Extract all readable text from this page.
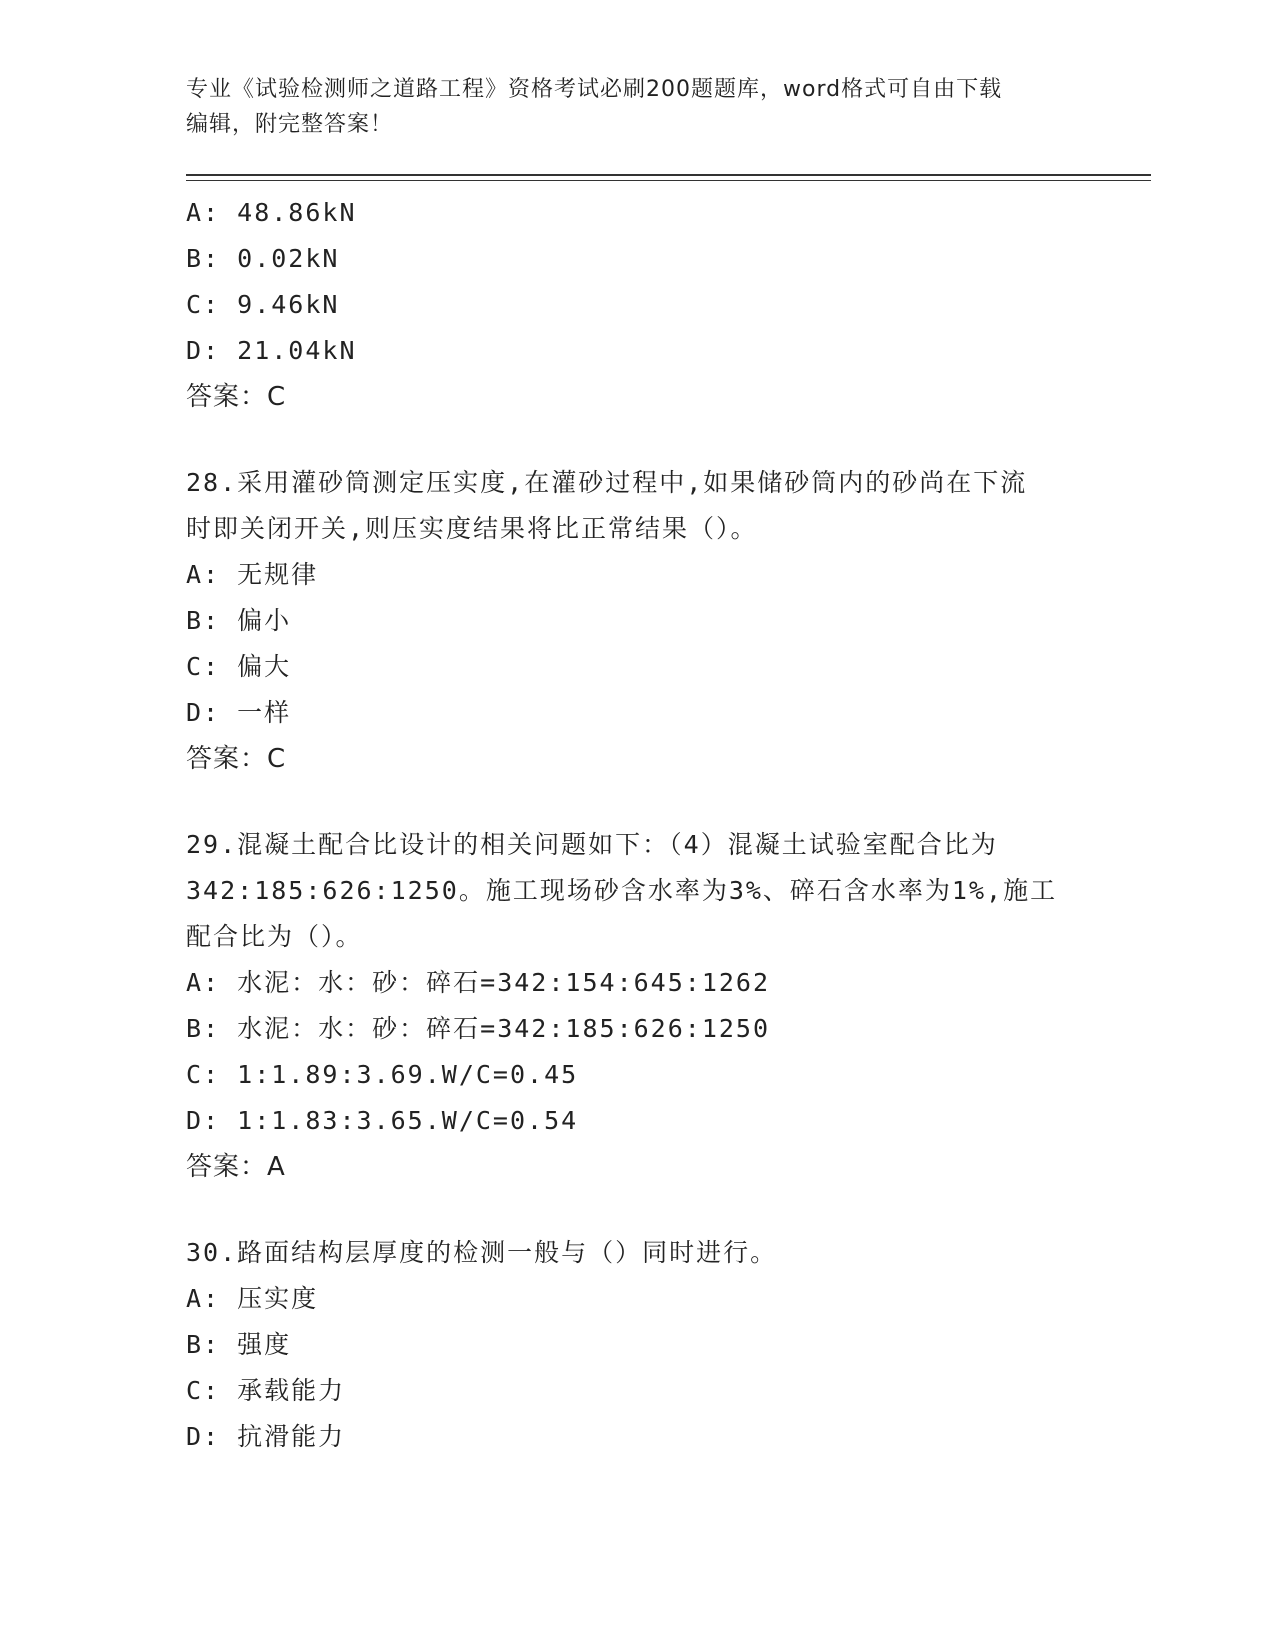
专业《试验检测师之道路工程》资格考试必刷200题题库，word格式可自由下载
编辑，附完整答案！
A: 48.86kN
B: 0.02kN
C: 9.46kN
D: 21.04kN
答案：C
28.采用灌砂筒测定压实度,在灌砂过程中,如果储砂筒内的砂尚在下流
时即关闭开关,则压实度结果将比正常结果（）。
A: 无规律
B: 偏小
C: 偏大
D: 一样
答案：C
29.混凝土配合比设计的相关问题如下：（4）混凝土试验室配合比为
342:185:626:1250。施工现场砂含水率为3%、碎石含水率为1%,施工
配合比为（）。
A: 水泥：水：砂：碎石=342:154:645:1262
B: 水泥：水：砂：碎石=342:185:626:1250
C: 1:1.89:3.69.W/C=0.45
D: 1:1.83:3.65.W/C=0.54
答案：A
30.路面结构层厚度的检测一般与（）同时进行。
A: 压实度
B: 强度
C: 承载能力
D: 抗滑能力
